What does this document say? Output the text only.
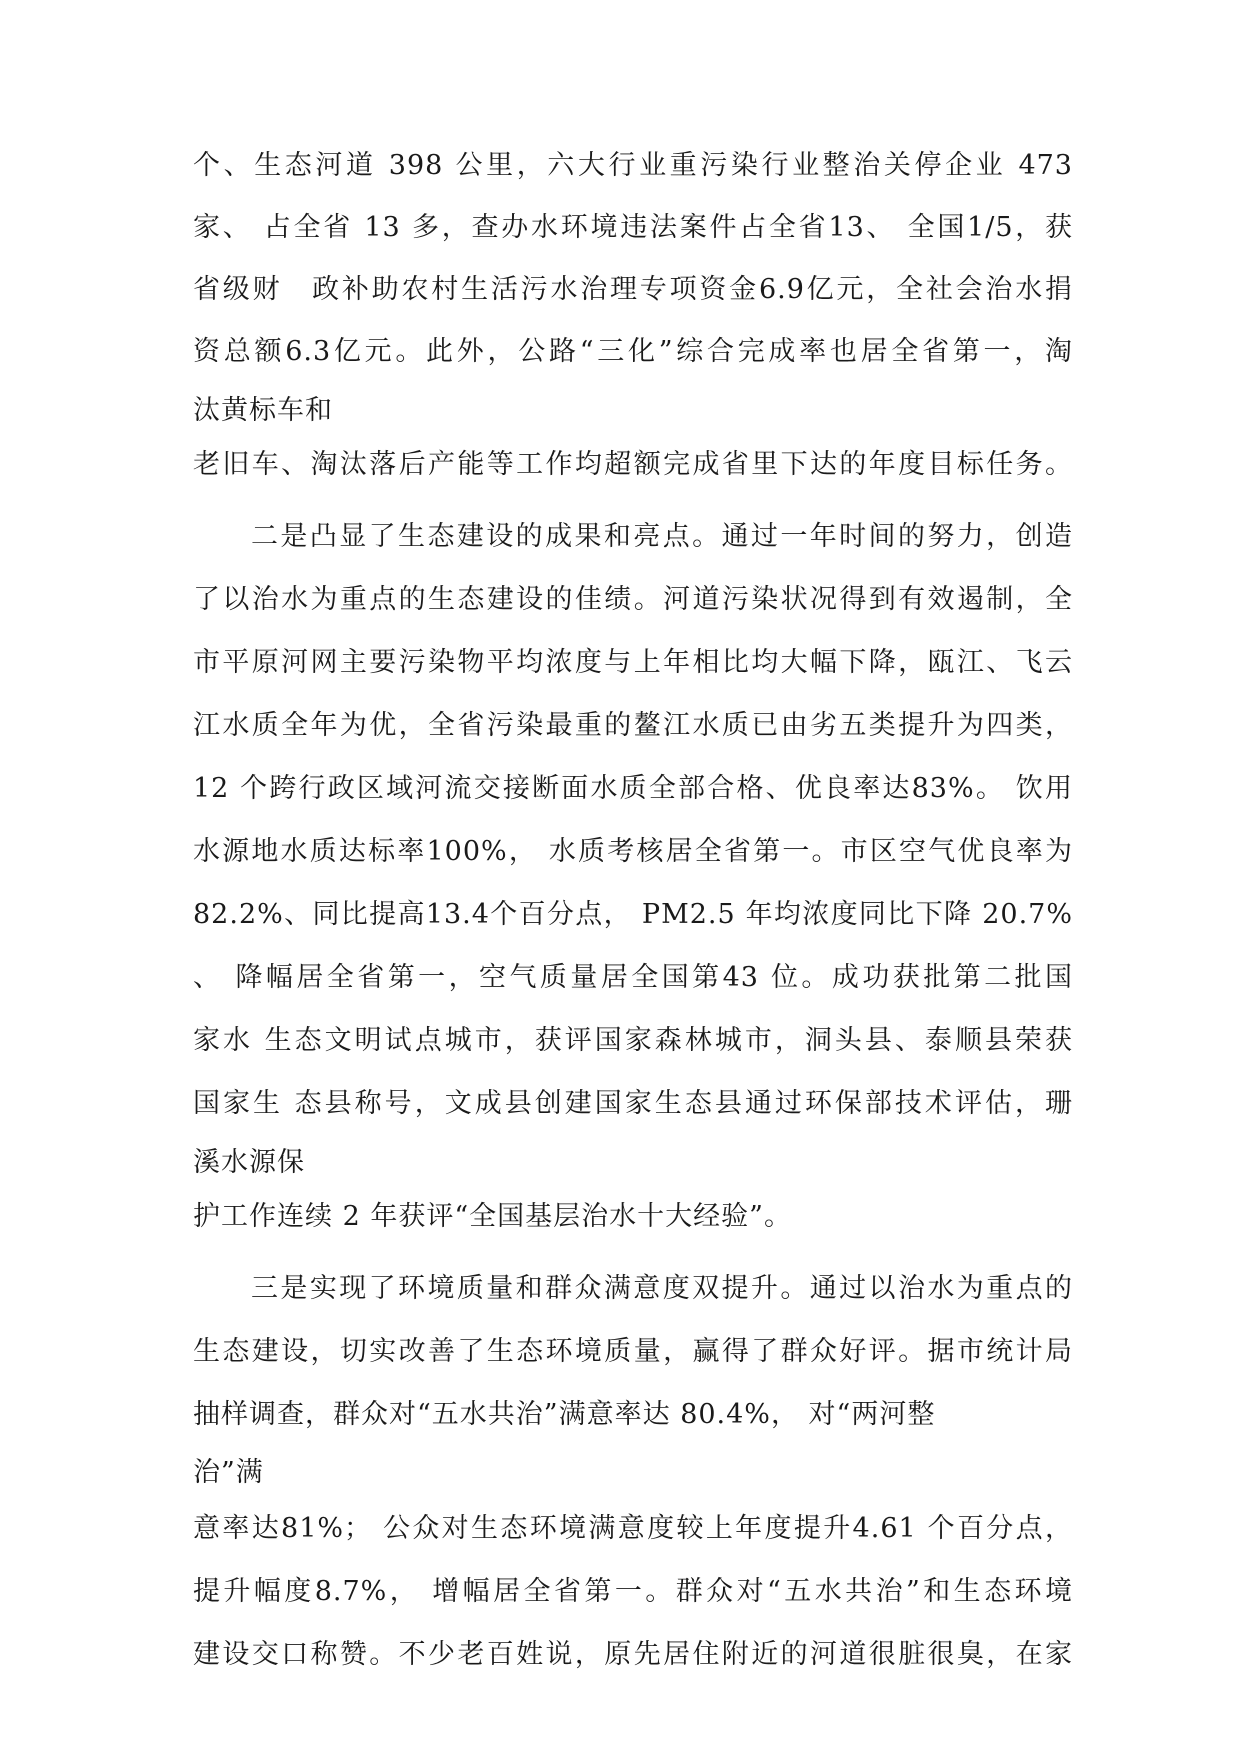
个、生态河道 398 公里，六大行业重污染行业整治关停企业 473
家、 占全省 13 多，查办水环境违法案件占全省13、 全国1/5，获
省级财　政补助农村生活污水治理专项资金6.9亿元，全社会治水捐
资总额6.3亿元。此外，公路“三化”综合完成率也居全省第一，淘
汰黄标车和
老旧车、淘汰落后产能等工作均超额完成省里下达的年度目标任务。
二是凸显了生态建设的成果和亮点。通过一年时间的努力，创造
了以治水为重点的生态建设的佳绩。河道污染状况得到有效遏制，全
市平原河网主要污染物平均浓度与上年相比均大幅下降，瓯江、飞云
江水质全年为优，全省污染最重的鳌江水质已由劣五类提升为四类，
12 个跨行政区域河流交接断面水质全部合格、优良率达83%。 饮用
水源地水质达标率100%， 水质考核居全省第一。市区空气优良率为
82.2%、同比提高13.4个百分点， PM2.5 年均浓度同比下降 20.7%
、 降幅居全省第一，空气质量居全国第43 位。成功获批第二批国
家水 生态文明试点城市，获评国家森林城市，洞头县、泰顺县荣获
国家生 态县称号，文成县创建国家生态县通过环保部技术评估，珊
溪水源保
护工作连续 2 年获评“全国基层治水十大经验”。
三是实现了环境质量和群众满意度双提升。通过以治水为重点的
生态建设，切实改善了生态环境质量，赢得了群众好评。据市统计局
抽样调查，群众对“五水共治”满意率达 80.4%， 对“两河整
治”满
意率达81%； 公众对生态环境满意度较上年度提升4.61 个百分点，
提升幅度8.7%， 增幅居全省第一。群众对“五水共治”和生态环境
建设交口称赞。不少老百姓说，原先居住附近的河道很脏很臭，在家
